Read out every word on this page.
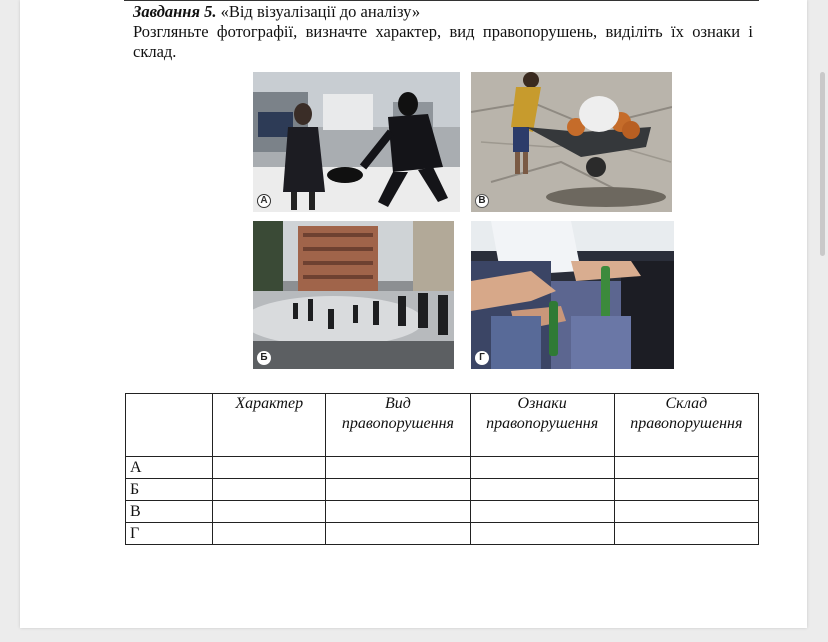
Завдання 5. «Від візуалізації до аналізу»

Розгляньте фотографії, визначте характер, вид правопорушень, виділіть їх ознаки і склад.

А	В
Б	Г
	Характер	Вид правопорушення	Ознаки правопорушення	Склад правопорушення
А				
Б				
В				
Г				
